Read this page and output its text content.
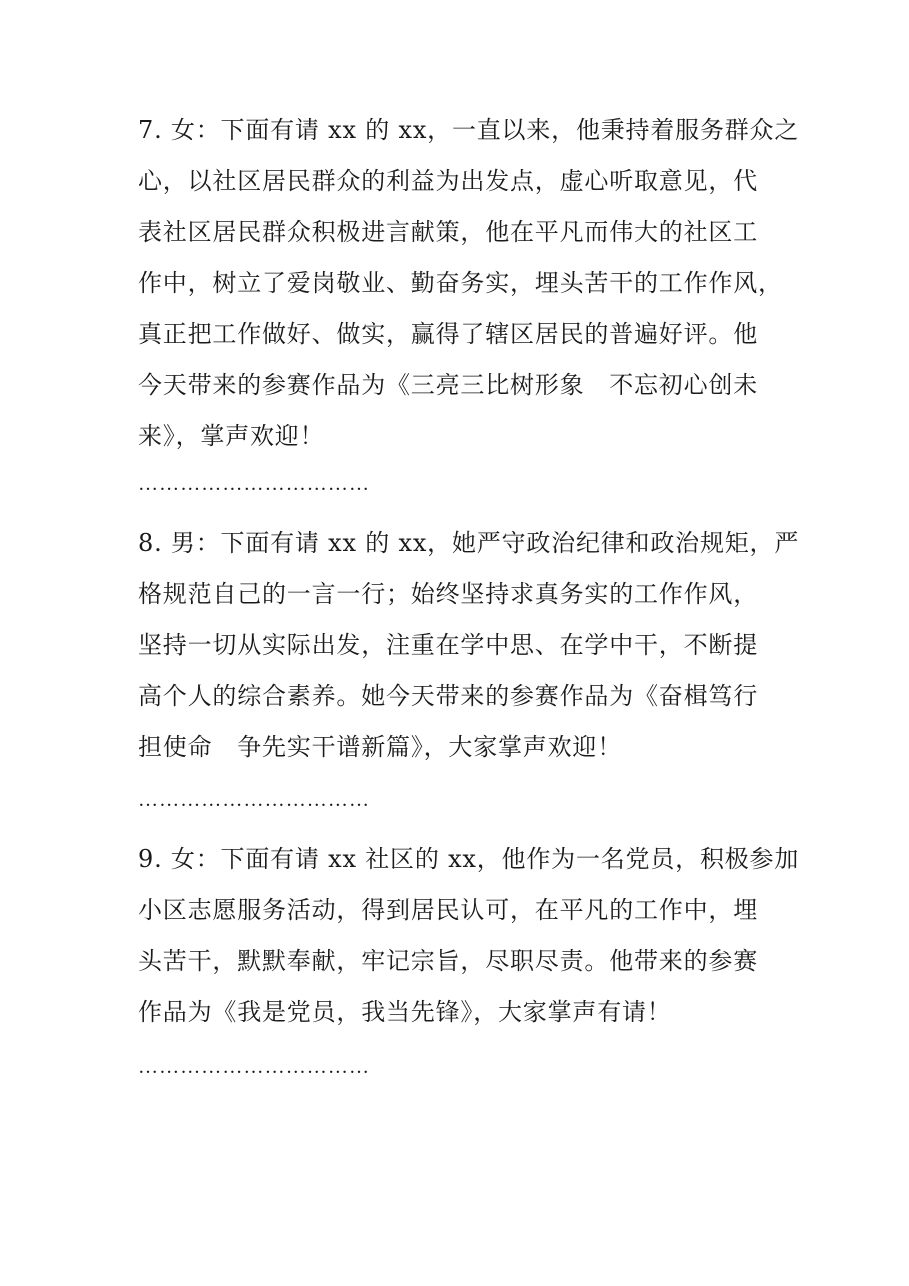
7. 女：下面有请 xx 的 xx，一直以来，他秉持着服务群众之
心，以社区居民群众的利益为出发点，虚心听取意见，代
表社区居民群众积极进言献策，他在平凡而伟大的社区工
作中，树立了爱岗敬业、勤奋务实，埋头苦干的工作作风，
真正把工作做好、做实，赢得了辖区居民的普遍好评。他
今天带来的参赛作品为《三亮三比树形象　不忘初心创未
来》，掌声欢迎！

……………………………

8. 男：下面有请 xx 的 xx，她严守政治纪律和政治规矩，严
格规范自己的一言一行；始终坚持求真务实的工作作风，
坚持一切从实际出发，注重在学中思、在学中干，不断提
高个人的综合素养。她今天带来的参赛作品为《奋楫笃行
担使命　争先实干谱新篇》，大家掌声欢迎！

……………………………

9. 女：下面有请 xx 社区的 xx，他作为一名党员，积极参加
小区志愿服务活动，得到居民认可，在平凡的工作中，埋
头苦干，默默奉献，牢记宗旨，尽职尽责。他带来的参赛
作品为《我是党员，我当先锋》，大家掌声有请！

……………………………
